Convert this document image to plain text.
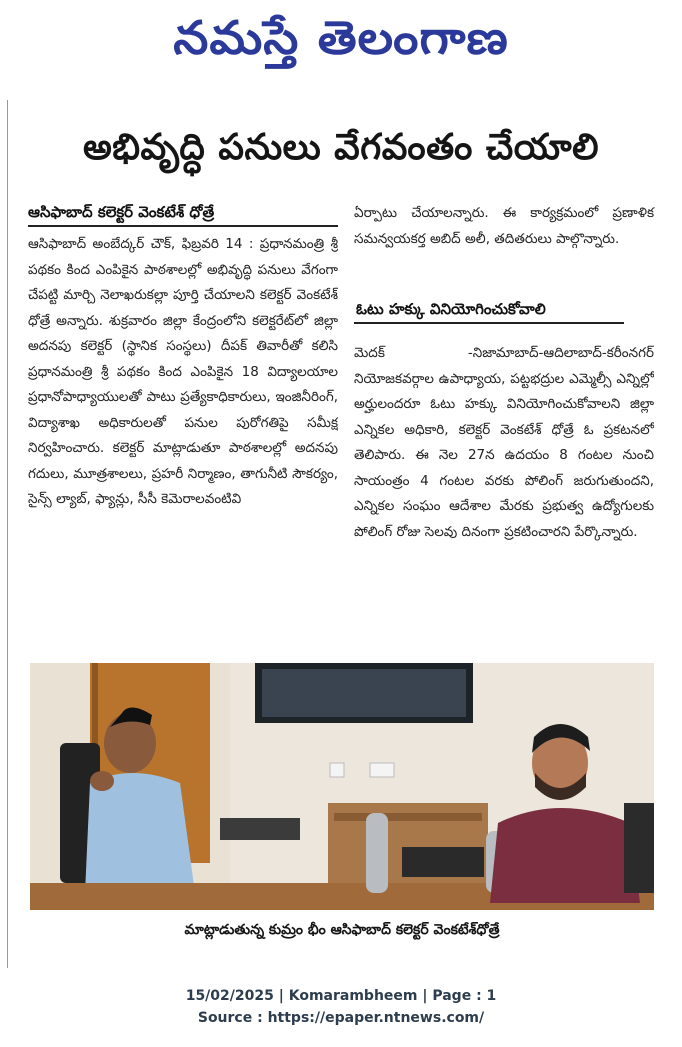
నమస్తే తెలంగాణ
అభివృద్ధి పనులు వేగవంతం చేయాలి
ఆసిఫాబాద్ కలెక్టర్ వెంకటేశ్ ధోత్రే

ఆసిఫాబాద్ అంబేద్కర్ చౌక్, ఫిబ్రవరి 14 : ప్రధానమంత్రి శ్రీ పథకం కింద ఎంపికైన పాఠశాలల్లో అభివృద్ధి పనులు వేగంగా చేపట్టి మార్చి నెలాఖరుకల్లా పూర్తి చేయాలని కలెక్టర్ వెంకటేశ్ ధోత్రే అన్నారు. శుక్రవారం జిల్లా కేంద్రంలోని కలెక్టరేట్‌లో జిల్లా అదనపు కలెక్టర్ (స్థానిక సంస్థలు) దీపక్ తివారీతో కలిసి ప్రధానమంత్రి శ్రీ పథకం కింద ఎంపికైన 18 విద్యాలయాల ప్రధానోపాధ్యాయులతో పాటు ప్రత్యేకాధికారులు, ఇంజినీరింగ్, విద్యాశాఖ అధికారులతో పనుల పురోగతిపై సమీక్ష నిర్వహించారు. కలెక్టర్ మాట్లాడుతూ పాఠశాలల్లో అదనపు గదులు, మూత్రశాలలు, ప్రహరీ నిర్మాణం, తాగునీటి సౌకర్యం, సైన్స్ ల్యాబ్, ఫ్యాన్లు, సీసీ కెమెరాలవంటివి

ఏర్పాటు చేయాలన్నారు. ఈ కార్యక్రమంలో ప్రణాళిక సమన్వయకర్త అబిద్ అలీ, తదితరులు పాల్గొన్నారు.

ఓటు హక్కు వినియోగించుకోవాలి

మెదక్ -నిజామాబాద్-ఆదిలాబాద్-కరీంనగర్ నియోజకవర్గాల ఉపాధ్యాయ, పట్టభద్రుల ఎమ్మెల్సీ ఎన్నిల్లో అర్హులందరూ ఓటు హక్కు వినియోగించుకోవాలని జిల్లా ఎన్నికల అధికారి, కలెక్టర్ వెంకటేశ్ ధోత్రే ఓ ప్రకటనలో తెలిపారు. ఈ నెల 27న ఉదయం 8 గంటల నుంచి సాయంత్రం 4 గంటల వరకు పోలింగ్ జరుగుతుందని, ఎన్నికల సంఘం ఆదేశాల మేరకు ప్రభుత్వ ఉద్యోగులకు పోలింగ్ రోజు సెలవు దినంగా ప్రకటించారని పేర్కొన్నారు.

మాట్లాడుతున్న కుమ్రం భీం ఆసిఫాబాద్ కలెక్టర్ వెంకటేశ్‌ధోత్రే
15/02/2025 | Komarambheem | Page : 1
Source : https://epaper.ntnews.com/
